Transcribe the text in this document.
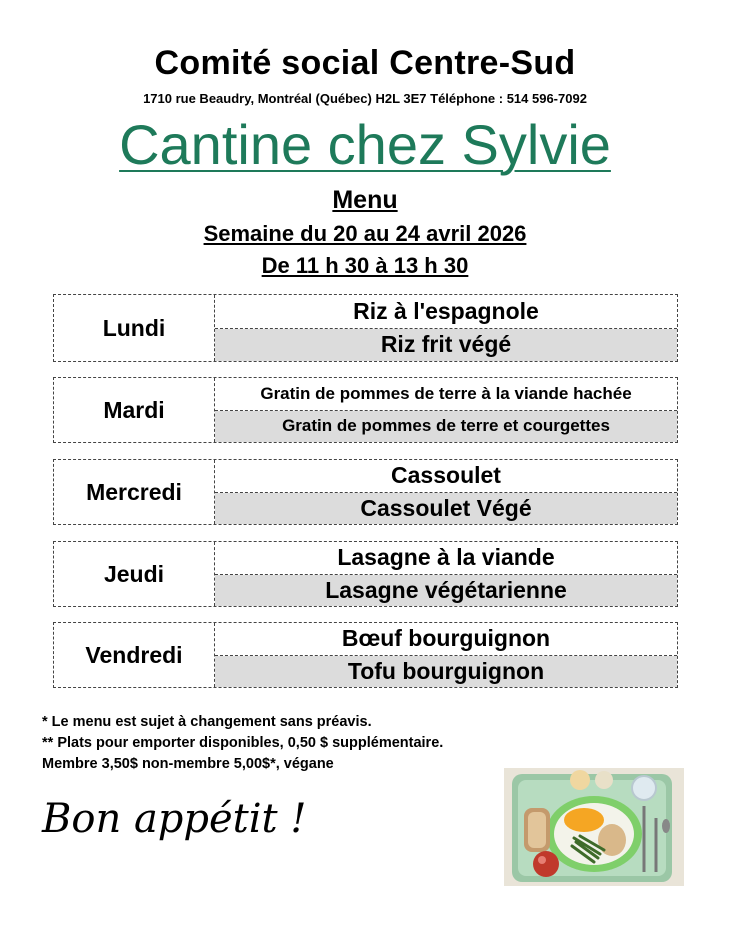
Comité social Centre-Sud
1710 rue Beaudry, Montréal (Québec) H2L 3E7 Téléphone : 514 596-7092
Cantine chez Sylvie
Menu
Semaine du 20 au 24 avril 2026
De 11 h 30 à 13 h 30
Lundi
Riz à l'espagnole
Riz frit végé
Mardi
Gratin de pommes de terre à la viande hachée
Gratin de pommes de terre et courgettes
Mercredi
Cassoulet
Cassoulet Végé
Jeudi
Lasagne à la viande
Lasagne végétarienne
Vendredi
Bœuf bourguignon
Tofu bourguignon
* Le menu est sujet à changement sans préavis.
** Plats pour emporter disponibles, 0,50 $ supplémentaire.
Membre 3,50$ non-membre 5,00$*, végane
Bon appétit !
